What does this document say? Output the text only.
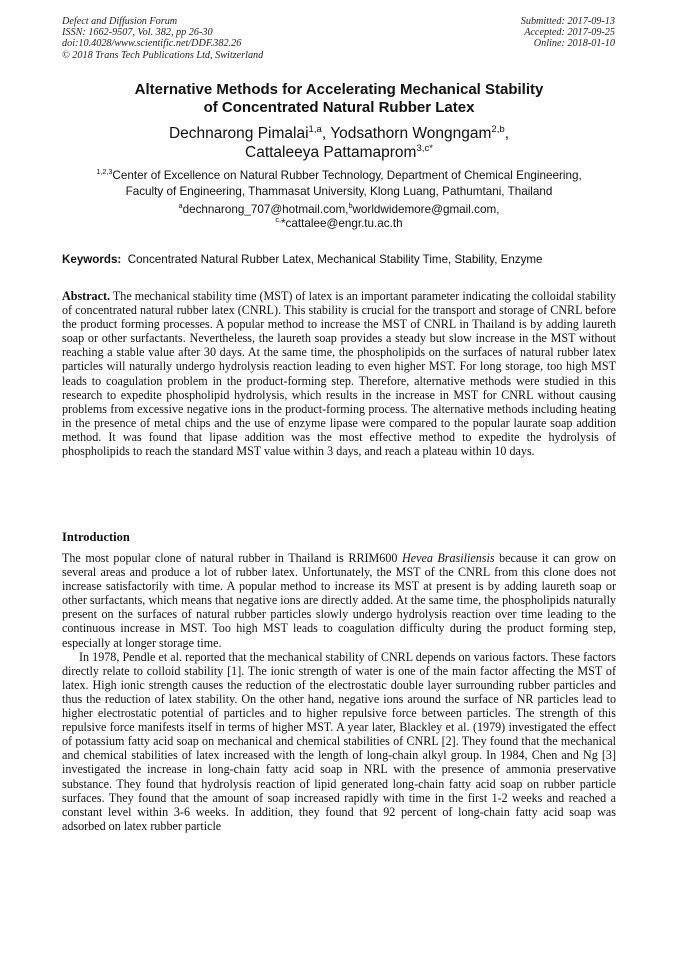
Defect and Diffusion Forum
ISSN: 1662-9507, Vol. 382, pp 26-30
doi:10.4028/www.scientific.net/DDF.382.26
© 2018 Trans Tech Publications Ltd, Switzerland
Submitted: 2017-09-13
Accepted: 2017-09-25
Online: 2018-01-10
Alternative Methods for Accelerating Mechanical Stability
of Concentrated Natural Rubber Latex
Dechnarong Pimalai$^{1,a}$, Yodsathorn Wongngam$^{2,b}$,
Cattaleeya Pattamaprom$^{3,c*}$
$^{1,2,3}$Center of Excellence on Natural Rubber Technology, Department of Chemical Engineering,
Faculty of Engineering, Thammasat University, Klong Luang, Pathumtani, Thailand
$^a$dechnarong_707@hotmail.com,$^b$worldwidemore@gmail.com,
$^{c,}$*cattalee@engr.tu.ac.th
Keywords: Concentrated Natural Rubber Latex, Mechanical Stability Time, Stability, Enzyme
Abstract. The mechanical stability time (MST) of latex is an important parameter indicating the colloidal stability of concentrated natural rubber latex (CNRL). This stability is crucial for the transport and storage of CNRL before the product forming processes. A popular method to increase the MST of CNRL in Thailand is by adding laureth soap or other surfactants. Nevertheless, the laureth soap provides a steady but slow increase in the MST without reaching a stable value after 30 days. At the same time, the phospholipids on the surfaces of natural rubber latex particles will naturally undergo hydrolysis reaction leading to even higher MST. For long storage, too high MST leads to coagulation problem in the product-forming step. Therefore, alternative methods were studied in this research to expedite phospholipid hydrolysis, which results in the increase in MST for CNRL without causing problems from excessive negative ions in the product-forming process. The alternative methods including heating in the presence of metal chips and the use of enzyme lipase were compared to the popular laurate soap addition method. It was found that lipase addition was the most effective method to expedite the hydrolysis of phospholipids to reach the standard MST value within 3 days, and reach a plateau within 10 days.
Introduction

The most popular clone of natural rubber in Thailand is RRIM600 Hevea Brasiliensis because it can grow on several areas and produce a lot of rubber latex. Unfortunately, the MST of the CNRL from this clone does not increase satisfactorily with time. A popular method to increase its MST at present is by adding laureth soap or other surfactants, which means that negative ions are directly added. At the same time, the phospholipids naturally present on the surfaces of natural rubber particles slowly undergo hydrolysis reaction over time leading to the continuous increase in MST. Too high MST leads to coagulation difficulty during the product forming step, especially at longer storage time.

In 1978, Pendle et al. reported that the mechanical stability of CNRL depends on various factors. These factors directly relate to colloid stability [1]. The ionic strength of water is one of the main factor affecting the MST of latex. High ionic strength causes the reduction of the electrostatic double layer surrounding rubber particles and thus the reduction of latex stability. On the other hand, negative ions around the surface of NR particles lead to higher electrostatic potential of particles and to higher repulsive force between particles. The strength of this repulsive force manifests itself in terms of higher MST. A year later, Blackley et al. (1979) investigated the effect of potassium fatty acid soap on mechanical and chemical stabilities of CNRL [2]. They found that the mechanical and chemical stabilities of latex increased with the length of long-chain alkyl group. In 1984, Chen and Ng [3] investigated the increase in long-chain fatty acid soap in NRL with the presence of ammonia preservative substance. They found that hydrolysis reaction of lipid generated long-chain fatty acid soap on rubber particle surfaces. They found that the amount of soap increased rapidly with time in the first 1-2 weeks and reached a constant level within 3-6 weeks. In addition, they found that 92 percent of long-chain fatty acid soap was adsorbed on latex rubber particle
